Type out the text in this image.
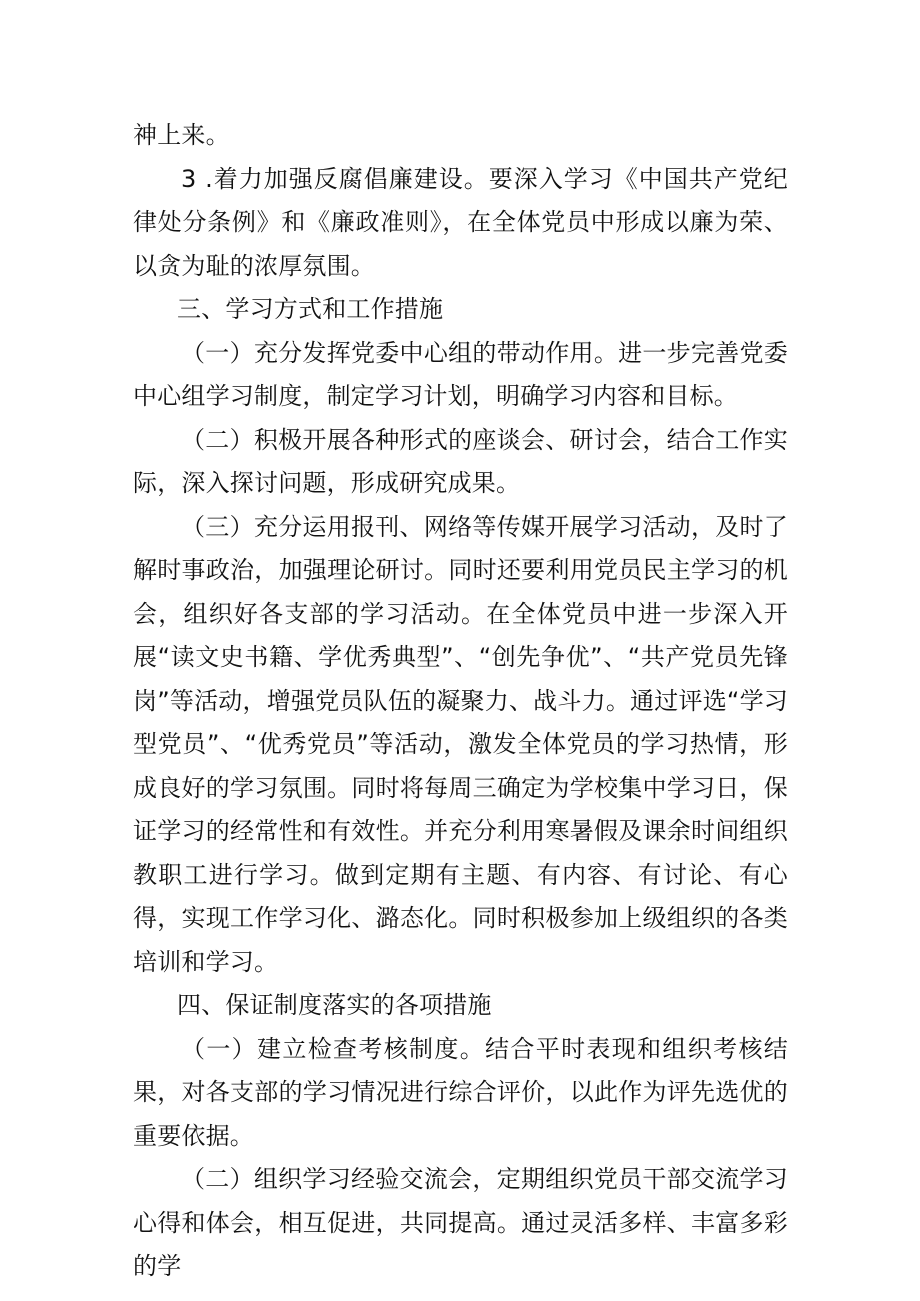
神上来。

3 .着力加强反腐倡廉建设。要深入学习《中国共产党纪律处分条例》和《廉政准则》，在全体党员中形成以廉为荣、以贪为耻的浓厚氛围。

三、学习方式和工作措施

（一）充分发挥党委中心组的带动作用。进一步完善党委中心组学习制度，制定学习计划，明确学习内容和目标。

（二）积极开展各种形式的座谈会、研讨会，结合工作实际，深入探讨问题，形成研究成果。

（三）充分运用报刊、网络等传媒开展学习活动，及时了解时事政治，加强理论研讨。同时还要利用党员民主学习的机会，组织好各支部的学习活动。在全体党员中进一步深入开展“读文史书籍、学优秀典型”、“创先争优”、“共产党员先锋岗”等活动，增强党员队伍的凝聚力、战斗力。通过评选“学习型党员”、“优秀党员”等活动，激发全体党员的学习热情，形成良好的学习氛围。同时将每周三确定为学校集中学习日，保证学习的经常性和有效性。并充分利用寒暑假及课余时间组织教职工进行学习。做到定期有主题、有内容、有讨论、有心得，实现工作学习化、潞态化。同时积极参加上级组织的各类培训和学习。

四、保证制度落实的各项措施

（一）建立检查考核制度。结合平时表现和组织考核结果，对各支部的学习情况进行综合评价，以此作为评先选优的重要依据。

（二）组织学习经验交流会，定期组织党员干部交流学习心得和体会，相互促进，共同提高。通过灵活多样、丰富多彩的学
